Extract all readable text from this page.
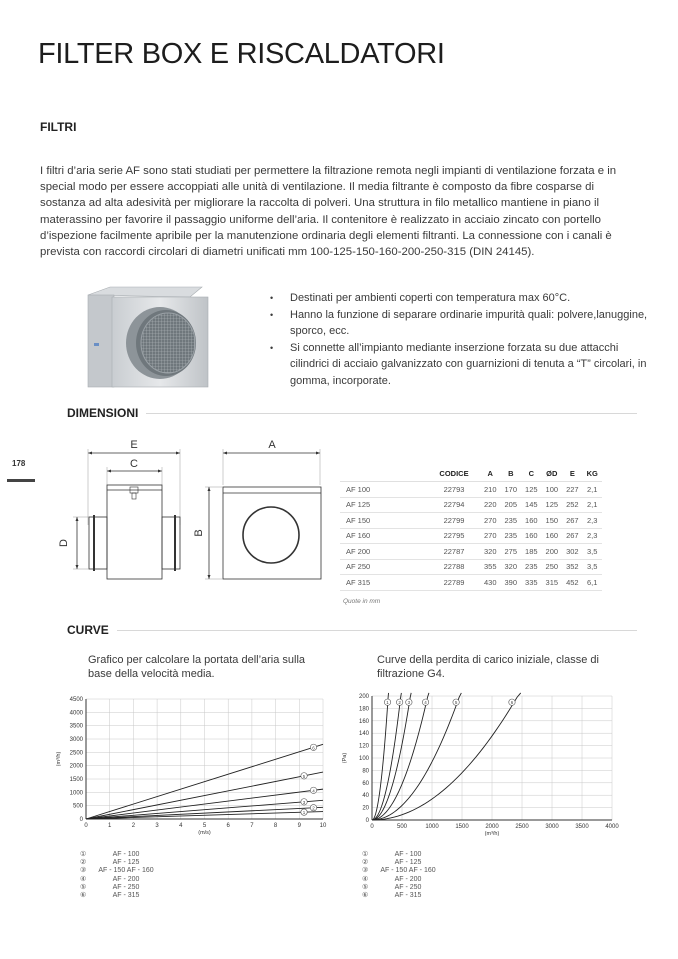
FILTER BOX E RISCALDATORI
FILTRI

I filtri d’aria serie AF sono stati studiati per permettere la filtrazione remota negli impianti di ventilazione forzata e in special modo per essere accoppiati alle unità di ventilazione. Il media filtrante è composto da fibre cosparse di sostanza ad alta adesività per migliorare la raccolta di polveri. Una struttura in filo metallico mantiene in piano il materassino per favorire il passaggio uniforme dell’aria. Il contenitore è realizzato in acciaio zincato con portello d’ispezione facilmente apribile per la manutenzione ordinaria degli elementi filtranti. La connessione con i canali è prevista con raccordi circolari di diametri unificati mm 100-125-150-160-200-250-315 (DIN 24145).

• Destinati per ambienti coperti con temperatura max 60°C.
• Hanno la funzione di separare ordinarie impurità quali: polvere,lanuggine, sporco, ecc.
• Si connette all’impianto mediante inserzione forzata su due attacchi cilindrici di acciaio galvanizzato con guarnizioni di tenuta a “T” circolari, in gomma, incorporate.
DIMENSIONI
178
E
C
D
A
B
	CODICE	A	B	C	ØD	E	KG
AF 100	22793	210	170	125	100	227	2,1
AF 125	22794	220	205	145	125	252	2,1
AF 150	22799	270	235	160	150	267	2,3
AF 160	22795	270	235	160	160	267	2,3
AF 200	22787	320	275	185	200	302	3,5
AF 250	22788	355	320	235	250	352	3,5
AF 315	22789	430	390	335	315	452	6,1
Quote in mm
CURVE

Grafico per calcolare la portata dell’aria sulla base della velocità media.

Curve della perdita di carico iniziale, classe di filtrazione G4.

0	1	2	3	4	5	6	7	8	9	10
0
500
1000
1500
2000
2500
3000
3500
4000
4500
(m/s)
(m³/h)
1
2
3
4
5
6
0	500	1000	1500	2000	2500	3000	3500	4000
0
20
40
60
80
100
120
140
160
180
200
(m³/h)
(Pa)
1 2 3	4	5	6
①	AF - 100
②	AF - 125
③	AF - 150 AF - 160
④	AF - 200
⑤	AF - 250
⑥	AF - 315
①	AF - 100
②	AF - 125
③	AF - 150 AF - 160
④	AF - 200
⑤	AF - 250
⑥	AF - 315
